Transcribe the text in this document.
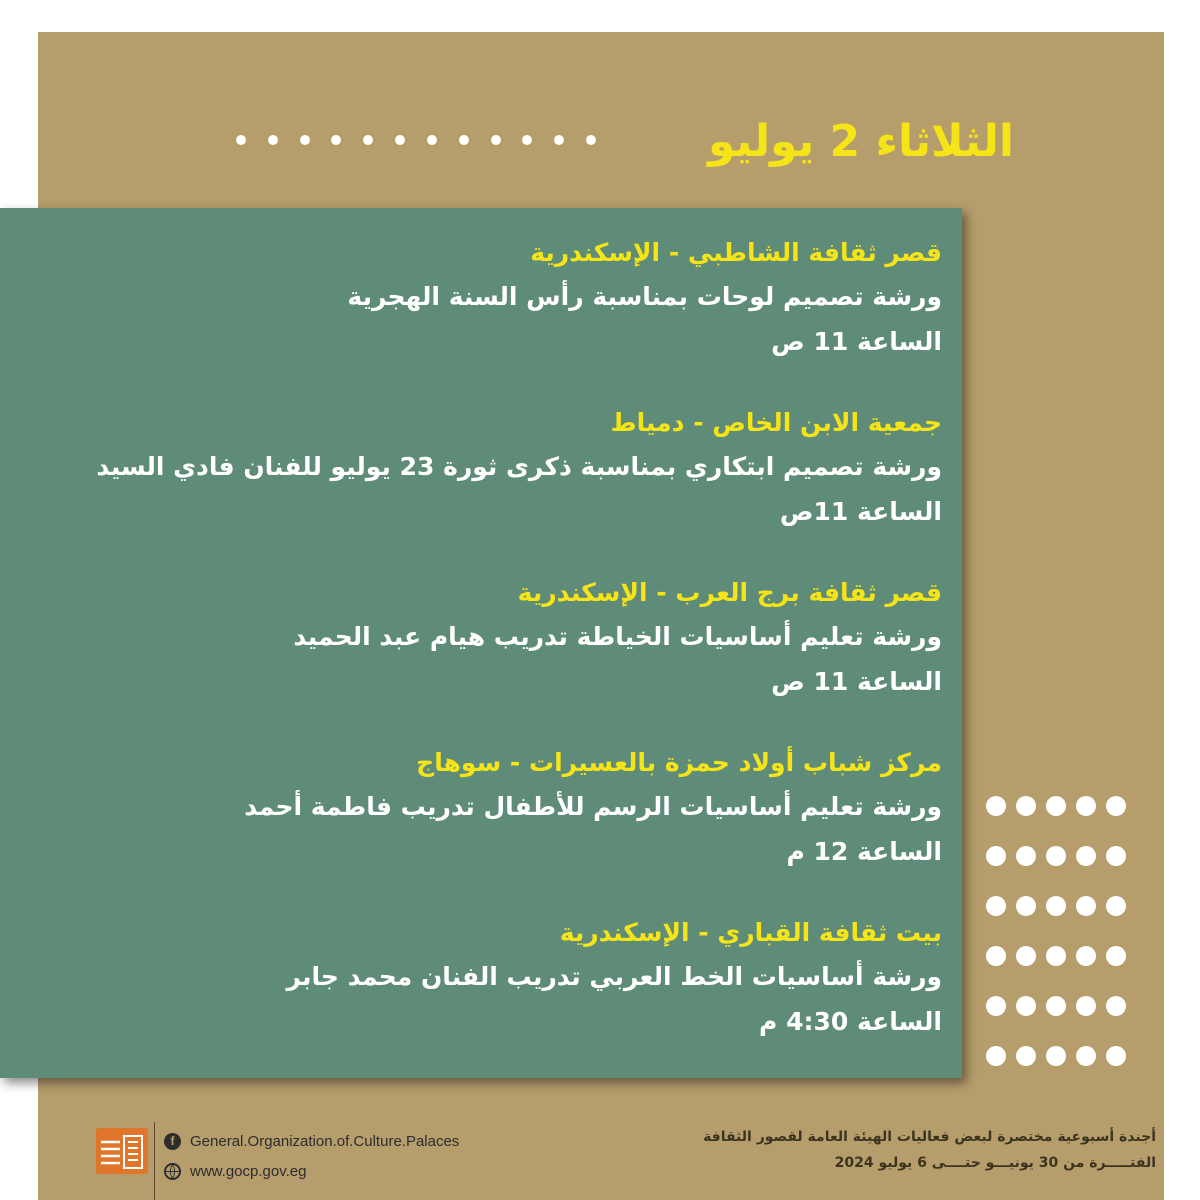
الثلاثاء 2 يوليو
قصر ثقافة الشاطبي - الإسكندرية
ورشة تصميم لوحات بمناسبة رأس السنة الهجرية
الساعة 11 ص
جمعية الابن الخاص - دمياط
ورشة تصميم ابتكاري بمناسبة ذكرى ثورة 23 يوليو للفنان فادي السيد
الساعة 11ص
قصر ثقافة برج العرب - الإسكندرية
ورشة تعليم أساسيات الخياطة تدريب هيام عبد الحميد
الساعة 11 ص
مركز شباب أولاد حمزة بالعسيرات - سوهاج
ورشة تعليم أساسيات الرسم للأطفال تدريب فاطمة أحمد
الساعة 12 م
بيت ثقافة القباري - الإسكندرية
ورشة أساسيات الخط العربي تدريب الفنان محمد جابر
الساعة 4:30 م
f	General.Organization.of.Culture.Palaces
www.gocp.gov.eg
أجندة أسبوعية مختصرة لبعض فعاليات الهيئة العامة لقصور الثقافة
الفتـــــرة من 30 يونيـــو حتــــى 6 يوليو 2024
